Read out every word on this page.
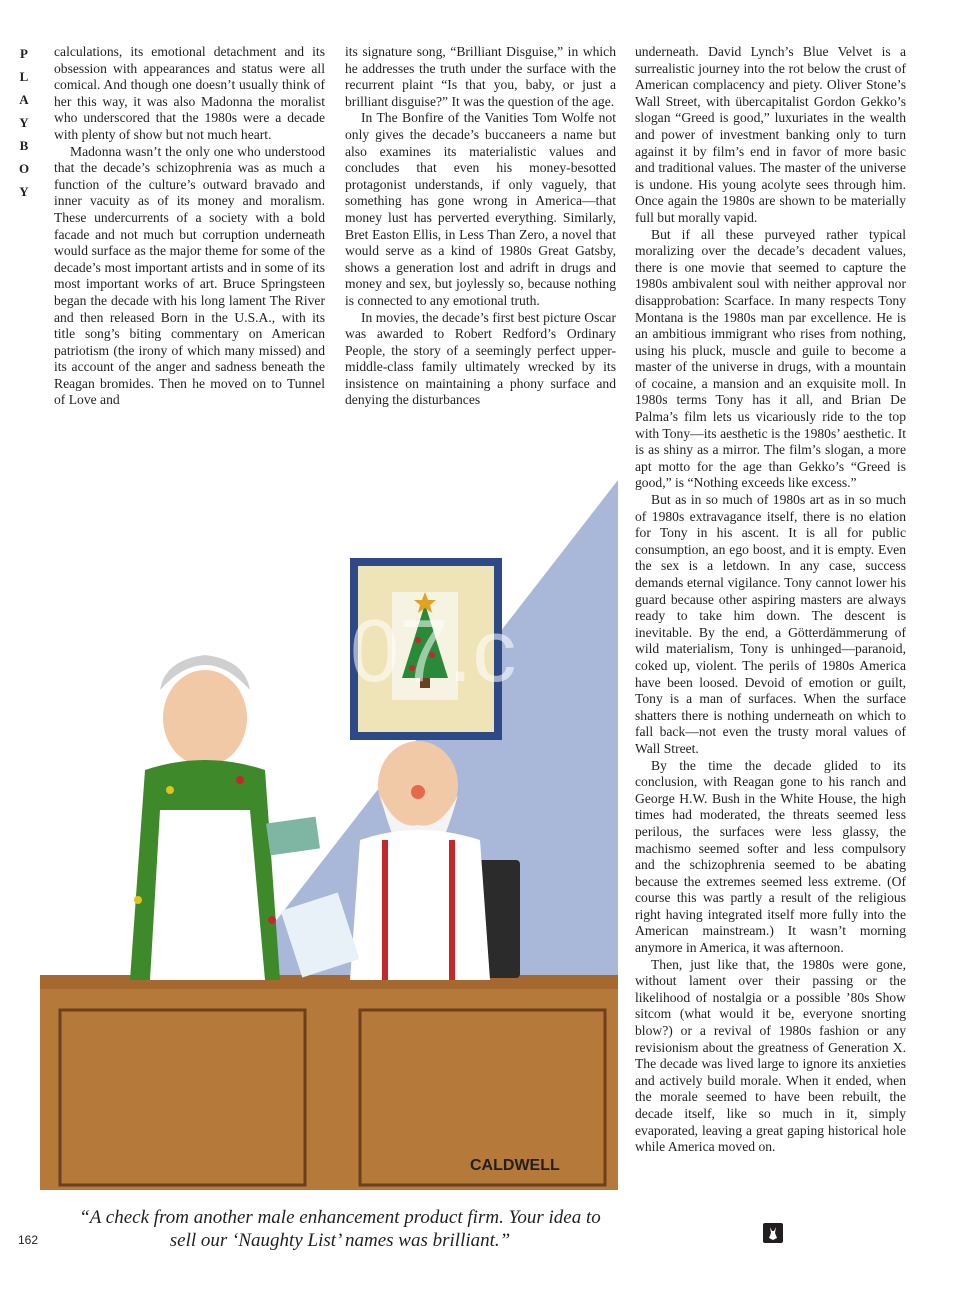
P
L
A
Y
B
O
Y

calculations, its emotional detachment and its obsession with appearances and status were all comical. And though one doesn’t usually think of her this way, it was also Madonna the moralist who underscored that the 1980s were a decade with plenty of show but not much heart.

Madonna wasn’t the only one who understood that the decade’s schizophrenia was as much a function of the culture’s outward bravado and inner vacuity as of its money and moralism. These undercurrents of a society with a bold facade and not much but corruption underneath would surface as the major theme for some of the decade’s most important artists and in some of its most important works of art. Bruce Springsteen began the decade with his long lament The River and then released Born in the U.S.A., with its title song’s biting commentary on American patriotism (the irony of which many missed) and its account of the anger and sadness beneath the Reagan bromides. Then he moved on to Tunnel of Love and

its signature song, “Brilliant Disguise,” in which he addresses the truth under the surface with the recurrent plaint “Is that you, baby, or just a brilliant disguise?” It was the question of the age.

In The Bonfire of the Vanities Tom Wolfe not only gives the decade’s buccaneers a name but also examines its materialistic values and concludes that even his money-besotted protagonist understands, if only vaguely, that something has gone wrong in America—that money lust has perverted everything. Similarly, Bret Easton Ellis, in Less Than Zero, a novel that would serve as a kind of 1980s Great Gatsby, shows a generation lost and adrift in drugs and money and sex, but joylessly so, because nothing is connected to any emotional truth.

In movies, the decade’s first best picture Oscar was awarded to Robert Redford’s Ordinary People, the story of a seemingly perfect upper-middle-class family ultimately wrecked by its insistence on maintaining a phony surface and denying the disturbances

underneath. David Lynch’s Blue Velvet is a surrealistic journey into the rot below the crust of American complacency and piety. Oliver Stone’s Wall Street, with übercapitalist Gordon Gekko’s slogan “Greed is good,” luxuriates in the wealth and power of investment banking only to turn against it by film’s end in favor of more basic and traditional values. The master of the universe is undone. His young acolyte sees through him. Once again the 1980s are shown to be materially full but morally vapid.

But if all these purveyed rather typical moralizing over the decade’s decadent values, there is one movie that seemed to capture the 1980s ambivalent soul with neither approval nor disapprobation: Scarface. In many respects Tony Montana is the 1980s man par excellence. He is an ambitious immigrant who rises from nothing, using his pluck, muscle and guile to become a master of the universe in drugs, with a mountain of cocaine, a mansion and an exquisite moll. In 1980s terms Tony has it all, and Brian De Palma’s film lets us vicariously ride to the top with Tony—its aesthetic is the 1980s’ aesthetic. It is as shiny as a mirror. The film’s slogan, a more apt motto for the age than Gekko’s “Greed is good,” is “Nothing exceeds like excess.”

But as in so much of 1980s art as in so much of 1980s extravagance itself, there is no elation for Tony in his ascent. It is all for public consumption, an ego boost, and it is empty. Even the sex is a letdown. In any case, success demands eternal vigilance. Tony cannot lower his guard because other aspiring masters are always ready to take him down. The descent is inevitable. By the end, a Götterdämmerung of wild materialism, Tony is unhinged—paranoid, coked up, violent. The perils of 1980s America have been loosed. Devoid of emotion or guilt, Tony is a man of surfaces. When the surface shatters there is nothing underneath on which to fall back—not even the trusty moral values of Wall Street.

By the time the decade glided to its conclusion, with Reagan gone to his ranch and George H.W. Bush in the White House, the high times had moderated, the threats seemed less perilous, the surfaces were less glassy, the machismo seemed softer and less compulsory and the schizophrenia seemed to be abating because the extremes seemed less extreme. (Of course this was partly a result of the religious right having integrated itself more fully into the American mainstream.) It wasn’t morning anymore in America, it was afternoon.

Then, just like that, the 1980s were gone, without lament over their passing or the likelihood of nostalgia or a possible ’80s Show sitcom (what would it be, everyone snorting blow?) or a revival of 1980s fashion or any revisionism about the greatness of Generation X. The decade was lived large to ignore its anxieties and actively build morale. When it ended, when the morale seemed to have been rebuilt, the decade itself, like so much in it, simply evaporated, leaving a great gaping historical hole while America moved on.

CALDWELL
07.c
“A check from another male enhancement product firm. Your idea to
sell our ‘Naughty List’ names was brilliant.”
162
